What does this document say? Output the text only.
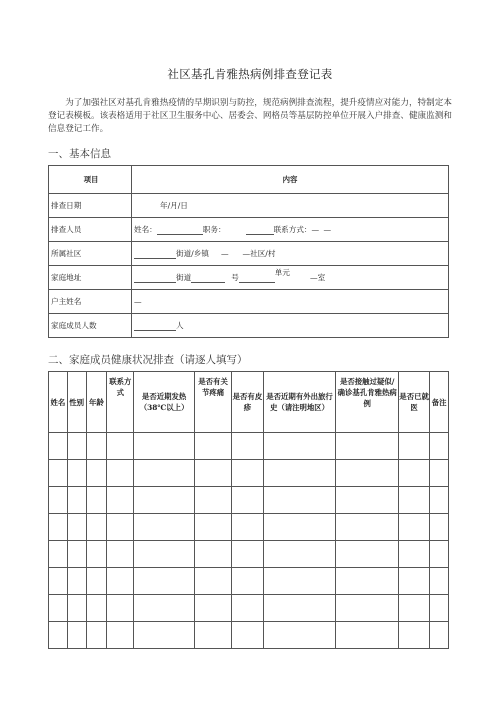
社区基孔肯雅热病例排查登记表
为了加强社区对基孔肯雅热疫情的早期识别与防控，规范病例排查流程，提升疫情应对能力，特制定本登记表模板。该表格适用于社区卫生服务中心、居委会、网格员等基层防控单位开展入户排查、健康监测和信息登记工作。
一、基本信息
项目	内容
排查日期	年/月/日
排查人员	姓名： 职务： 联系方式：— —
所属社区	街道/乡镇 — —社区/村
家庭地址	街道 号单元—室
户主姓名	—
家庭成员人数	人
二、家庭成员健康状况排查（请逐人填写）
姓名	性别	年龄	联系方式	是否近期发热（38℃以上）	是否有关节疼痛	是否有皮疹	是否近期有外出旅行史（请注明地区）	是否接触过疑似/确诊基孔肯雅热病例	是否已就医	备注
